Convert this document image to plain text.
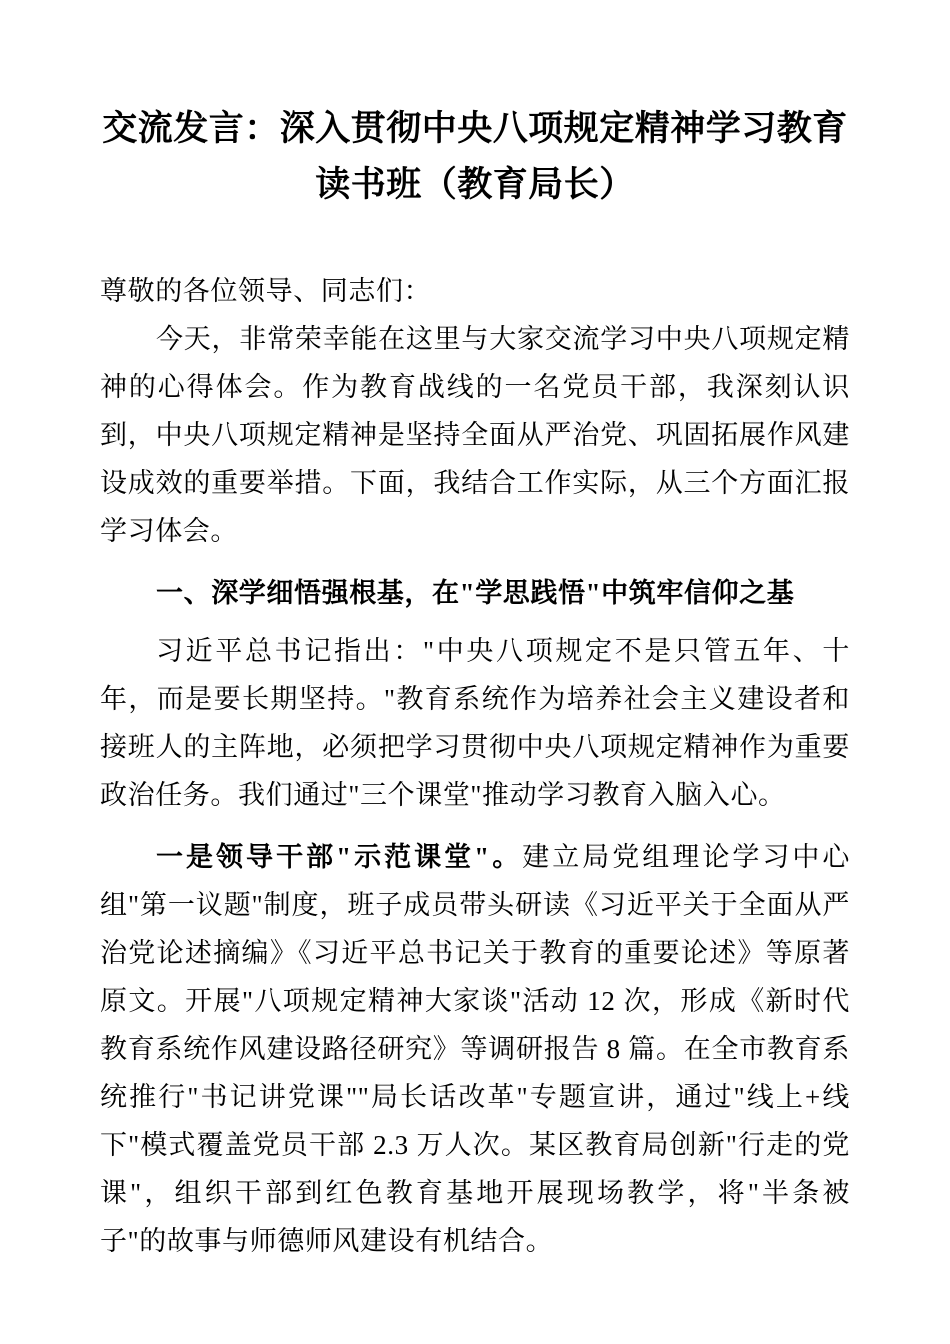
交流发言：深入贯彻中央八项规定精神学习教育
读书班（教育局长）

尊敬的各位领导、同志们：

今天，非常荣幸能在这里与大家交流学习中央八项规定精神的心得体会。作为教育战线的一名党员干部，我深刻认识到，中央八项规定精神是坚持全面从严治党、巩固拓展作风建设成效的重要举措。下面，我结合工作实际，从三个方面汇报学习体会。

一、深学细悟强根基，在"学思践悟"中筑牢信仰之基

习近平总书记指出："中央八项规定不是只管五年、十年，而是要长期坚持。"教育系统作为培养社会主义建设者和接班人的主阵地，必须把学习贯彻中央八项规定精神作为重要政治任务。我们通过"三个课堂"推动学习教育入脑入心。

一是领导干部"示范课堂"。建立局党组理论学习中心组"第一议题"制度，班子成员带头研读《习近平关于全面从严治党论述摘编》《习近平总书记关于教育的重要论述》等原著原文。开展"八项规定精神大家谈"活动 12 次，形成《新时代教育系统作风建设路径研究》等调研报告 8 篇。在全市教育系统推行"书记讲党课""局长话改革"专题宣讲，通过"线上+线下"模式覆盖党员干部 2.3 万人次。某区教育局创新"行走的党课"，组织干部到红色教育基地开展现场教学，将"半条被子"的故事与师德师风建设有机结合。
